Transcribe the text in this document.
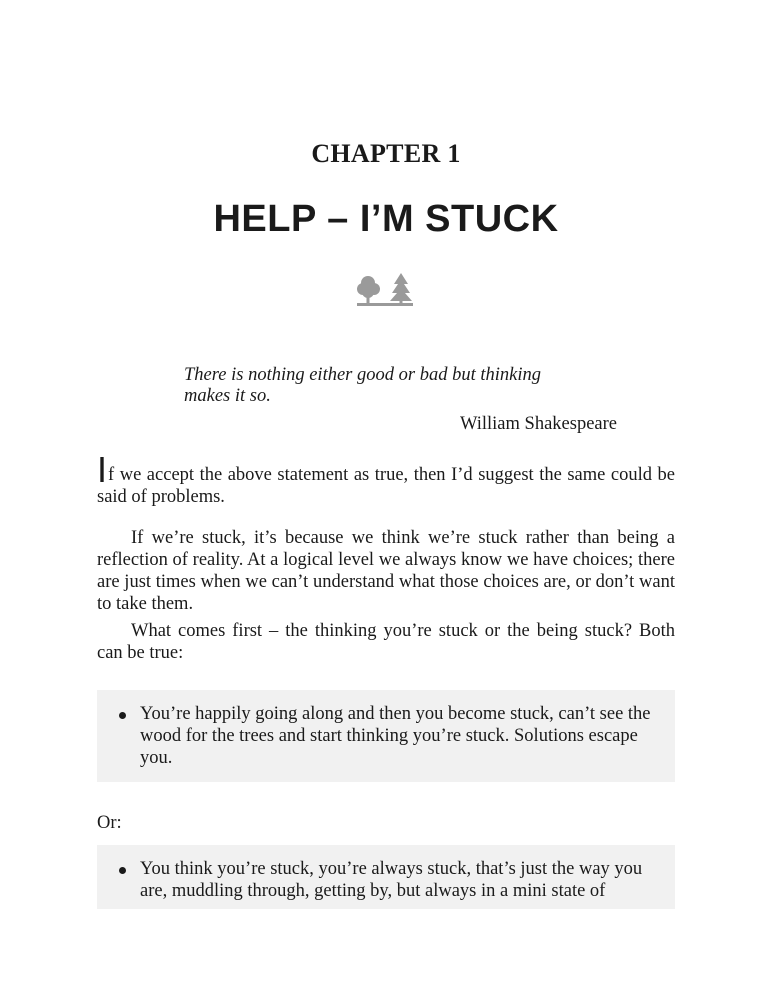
CHAPTER 1
HELP – I’M STUCK
There is nothing either good or bad but thinking makes it so.
William Shakespeare

If we accept the above statement as true, then I’d suggest the same could be said of problems.

If we’re stuck, it’s because we think we’re stuck rather than being a reflection of reality. At a logical level we always know we have choices; there are just times when we can’t understand what those choices are, or don’t want to take them.

What comes first – the thinking you’re stuck or the being stuck? Both can be true:

You’re happily going along and then you become stuck, can’t see the wood for the trees and start thinking you’re stuck. Solutions escape you.
Or:
You think you’re stuck, you’re always stuck, that’s just the way you are, muddling through, getting by, but always in a mini state of
